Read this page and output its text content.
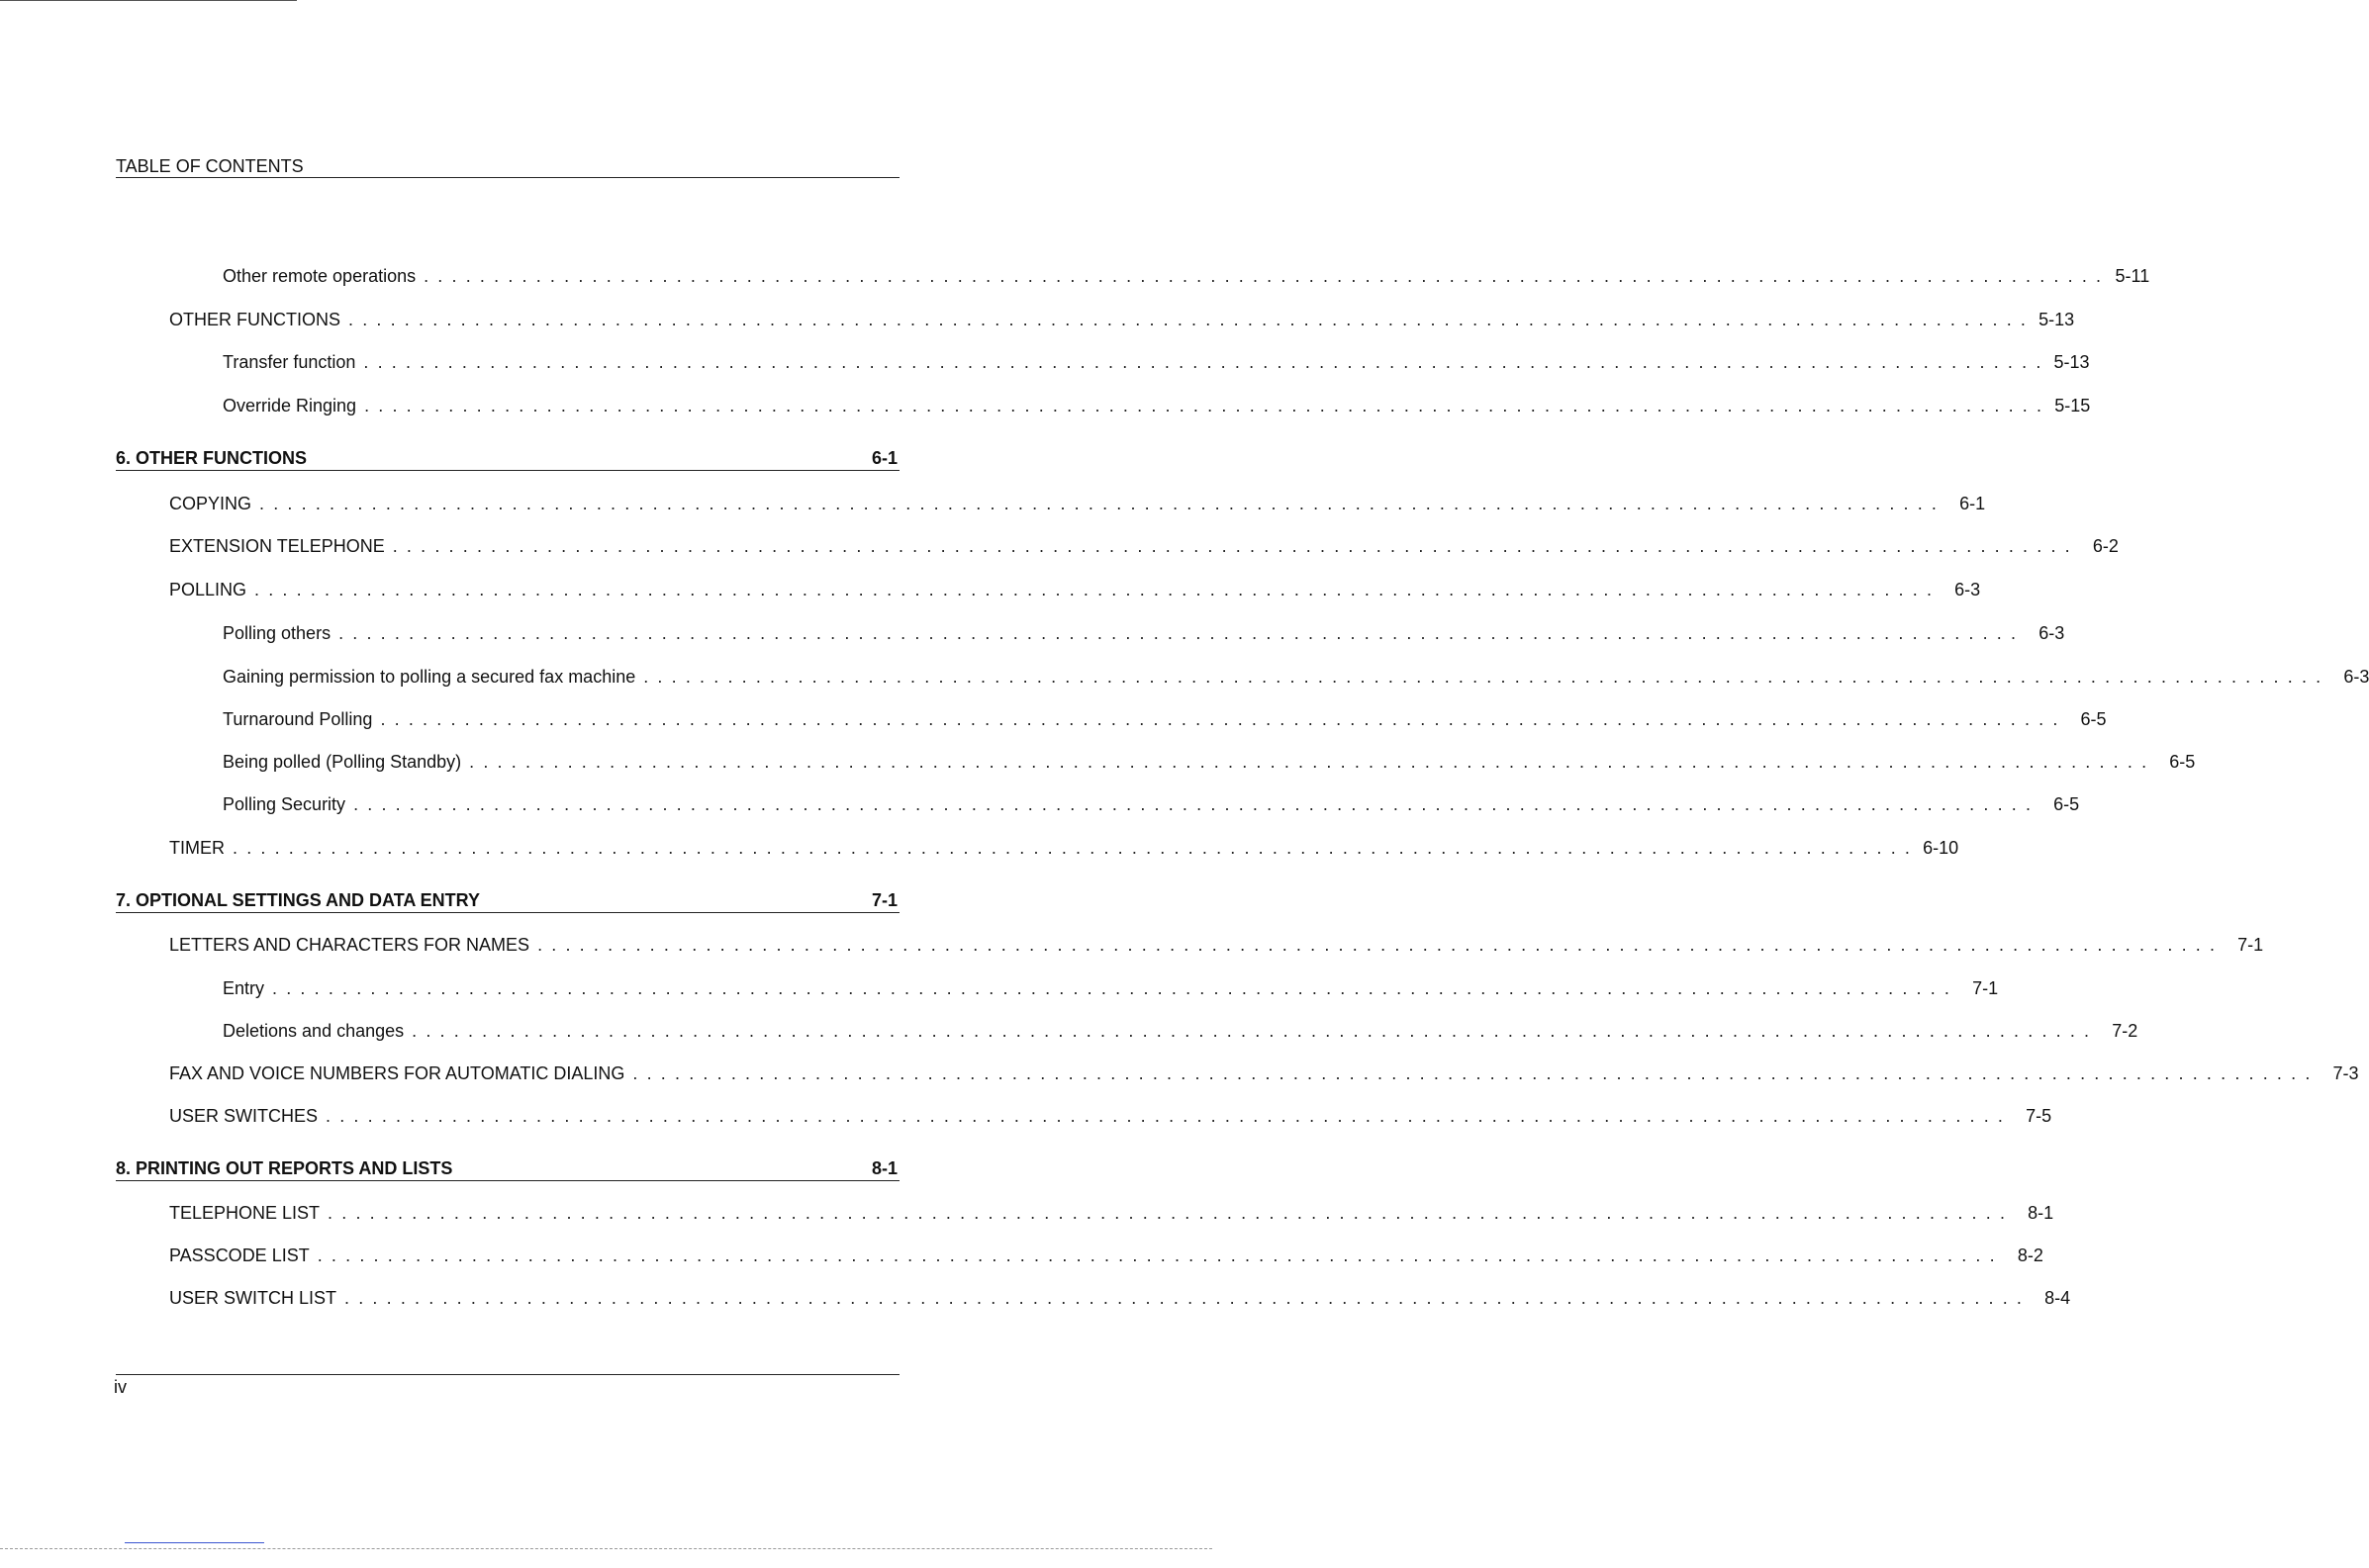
TABLE OF CONTENTS
Other remote operations ........................................................................................................................ 5-11
OTHER FUNCTIONS ........................................................................................................................ 5-13
Transfer function ........................................................................................................................ 5-13
Override Ringing ........................................................................................................................ 5-15
6. OTHER FUNCTIONS	6-1
COPYING ........................................................................................................................ 6-1
EXTENSION TELEPHONE ........................................................................................................................ 6-2
POLLING ........................................................................................................................ 6-3
Polling others ........................................................................................................................ 6-3
Gaining permission to polling a secured fax machine ........................................................................................................................ 6-3
Turnaround Polling ........................................................................................................................ 6-5
Being polled (Polling Standby) ........................................................................................................................ 6-5
Polling Security ........................................................................................................................ 6-5
TIMER ........................................................................................................................ 6-10
7. OPTIONAL SETTINGS AND DATA ENTRY	7-1
LETTERS AND CHARACTERS FOR NAMES ........................................................................................................................ 7-1
Entry ........................................................................................................................ 7-1
Deletions and changes ........................................................................................................................ 7-2
FAX AND VOICE NUMBERS FOR AUTOMATIC DIALING ........................................................................................................................ 7-3
USER SWITCHES ........................................................................................................................ 7-5
8. PRINTING OUT REPORTS AND LISTS	8-1
TELEPHONE LIST ........................................................................................................................ 8-1
PASSCODE LIST ........................................................................................................................ 8-2
USER SWITCH LIST ........................................................................................................................ 8-4
iv
